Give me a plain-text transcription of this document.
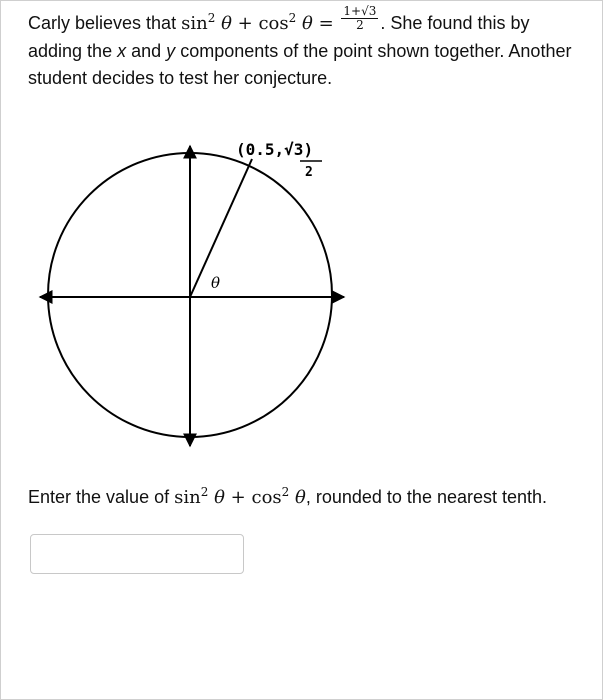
Carly believes that $\sin^2 \theta + \cos^2 \theta = \frac{1+√3}{2}$ . She found this by adding the x and y components of the point shown together. Another student decides to test her conjecture.
θ
(0.5,√3)
2
Enter the value of $\sin^2 \theta + \cos^2 \theta$, rounded to the nearest tenth.
